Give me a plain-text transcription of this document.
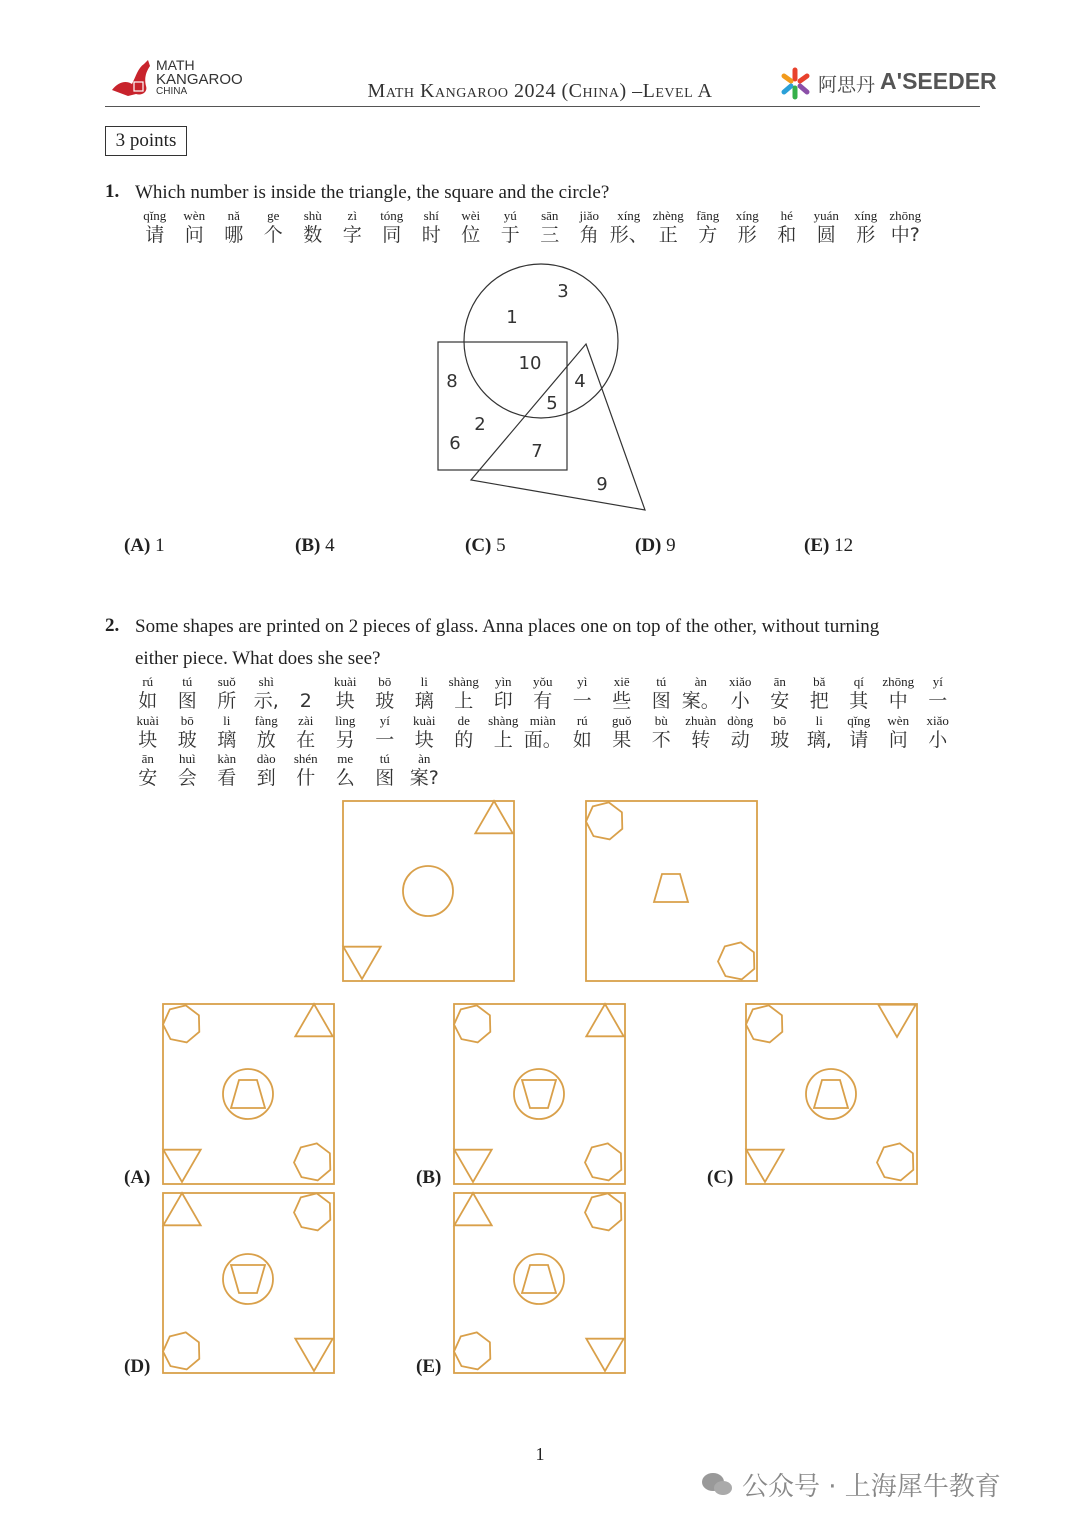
MATH
KANGAROO
CHINA	Math Kangaroo 2024 (China) –Level A	阿思丹 A'SEEDER
3 points
1. Which number is inside the triangle, the square and the circle?
qǐng
请
wèn
问
nǎ
哪
ge
个
shù
数
zì
字
tóng
同
shí
时
wèi
位
yú
于
sān
三
jiǎo
角
xíng
形、
zhèng
正
fāng
方
xíng
形
hé
和
yuán
圆
xíng
形
zhōng
中?
3
1
10
8	4
5
2
6	7
9
(A) 1	(B) 4	(C) 5	(D) 9	(E) 12
2. Some shapes are printed on 2 pieces of glass. Anna places one on top of the other, without turning
either piece. What does she see?
rú
如
tú
图
suǒ
所
shì
示, 2
kuài
块
bō
玻
li
璃
shàng
上
yìn
印
yǒu
有
yì
一
xiē
些
tú
图
àn
案。
xiǎo
小
ān
安
bǎ
把
qí
其
zhōng
中
yí
一
kuài
块
bō
玻
li
璃
fàng
放
zài
在
lìng
另
yí
一
kuài
块
de
的
shàng
上
miàn
面。
rú
如
guǒ
果
bù
不
zhuàn
转
dòng
动
bō
玻
li
璃,
qǐng
请
wèn
问
xiǎo
小
ān
安
huì
会
kàn
看
dào
到
shén
什
me
么
tú
图
àn
案?
(A)	(B)	(C)
(D)	(E)
1
公众号 · 上海犀牛教育
